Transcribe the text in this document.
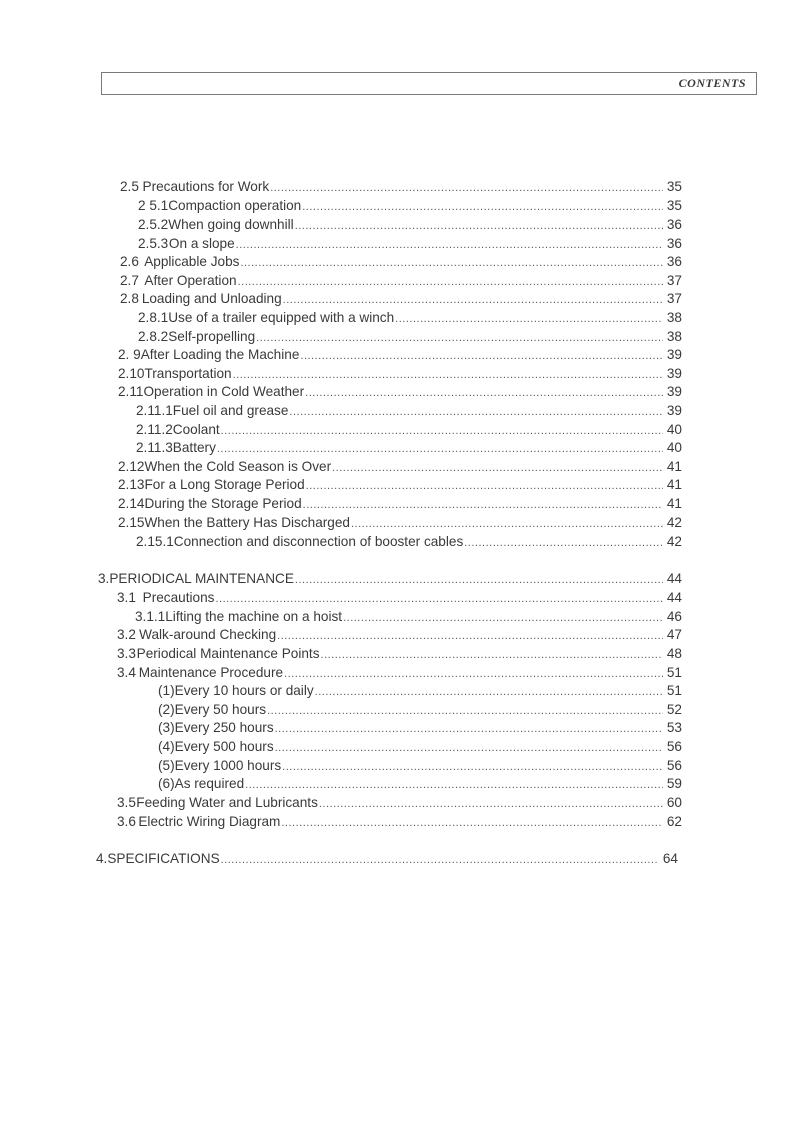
CONTENTS
2.5 Precautions for Work .....	35
2 5.1 Compaction operation .....	35
2.5.2 When going downhill .....	36
2.5.3 On a slope .....	36
2.6 Applicable Jobs .....	36
2.7 After Operation .....	37
2.8 Loading and Unloading .....	37
2.8.1 Use of a trailer equipped with a winch .....	38
2.8.2 Self-propelling .....	38
2. 9 After Loading the Machine .....	39
2.10 Transportation .....	39
2.11 Operation in Cold Weather .....	39
2.11.1 Fuel oil and grease .....	39
2.11.2 Coolant .....	40
2.11.3 Battery .....	40
2.12 When the Cold Season is Over .....	41
2.13 For a Long Storage Period .....	41
2.14 During the Storage Period .....	41
2.15 When the Battery Has Discharged .....	42
2.15.1 Connection and disconnection of booster cables .....	42
3. PERIODICAL MAINTENANCE .....	44
3.1 Precautions .....	44
3.1.1 Lifting the machine on a hoist .....	46
3.2 Walk-around Checking .....	47
3.3 Periodical Maintenance Points .....	48
3.4 Maintenance Procedure .....	51
(1) Every 10 hours or daily .....	51
(2) Every 50 hours .....	52
(3) Every 250 hours .....	53
(4) Every 500 hours .....	56
(5) Every 1000 hours .....	56
(6) As required .....	59
3.5 Feeding Water and Lubricants .....	60
3.6 Electric Wiring Diagram .....	62
4. SPECIFICATIONS .....	64
